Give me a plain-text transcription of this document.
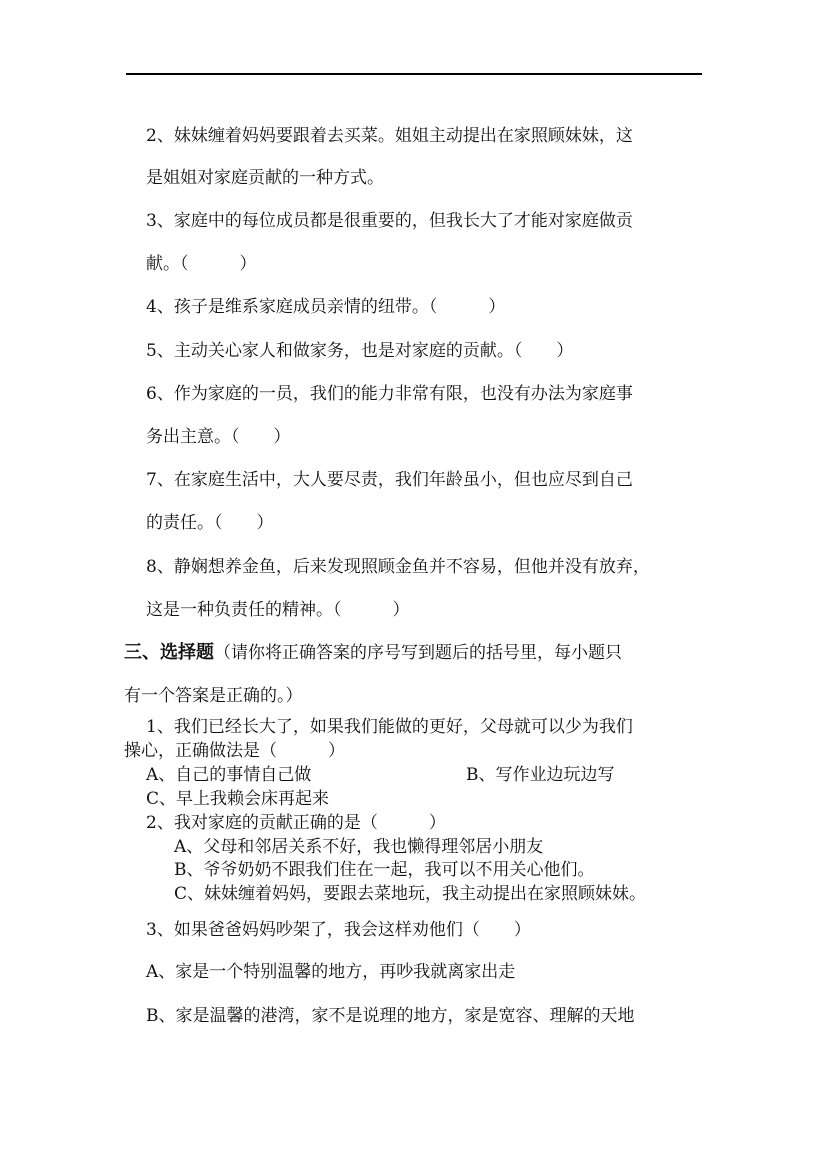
2、妹妹缠着妈妈要跟着去买菜。姐姐主动提出在家照顾妹妹，这
是姐姐对家庭贡献的一种方式。
3、家庭中的每位成员都是很重要的，但我长大了才能对家庭做贡
献。（　　　）
4、孩子是维系家庭成员亲情的纽带。（　　　）
5、主动关心家人和做家务，也是对家庭的贡献。（　　）
6、作为家庭的一员，我们的能力非常有限，也没有办法为家庭事
务出主意。（　　）
7、在家庭生活中，大人要尽责，我们年龄虽小，但也应尽到自己
的责任。（　　）
8、静娴想养金鱼，后来发现照顾金鱼并不容易，但他并没有放弃，
这是一种负责任的精神。（　　　）
三、选择题（请你将正确答案的序号写到题后的括号里，每小题只
有一个答案是正确的。）
1、我们已经长大了，如果我们能做的更好，父母就可以少为我们
操心，正确做法是（　　　）
A、自己的事情自己做	B、写作业边玩边写
C、早上我赖会床再起来
2、我对家庭的贡献正确的是（　　　）
A、父母和邻居关系不好，我也懒得理邻居小朋友
B、爷爷奶奶不跟我们住在一起，我可以不用关心他们。
C、妹妹缠着妈妈，要跟去菜地玩，我主动提出在家照顾妹妹。
3、如果爸爸妈妈吵架了，我会这样劝他们（　　）
A、家是一个特别温馨的地方，再吵我就离家出走
B、家是温馨的港湾，家不是说理的地方，家是宽容、理解的天地
